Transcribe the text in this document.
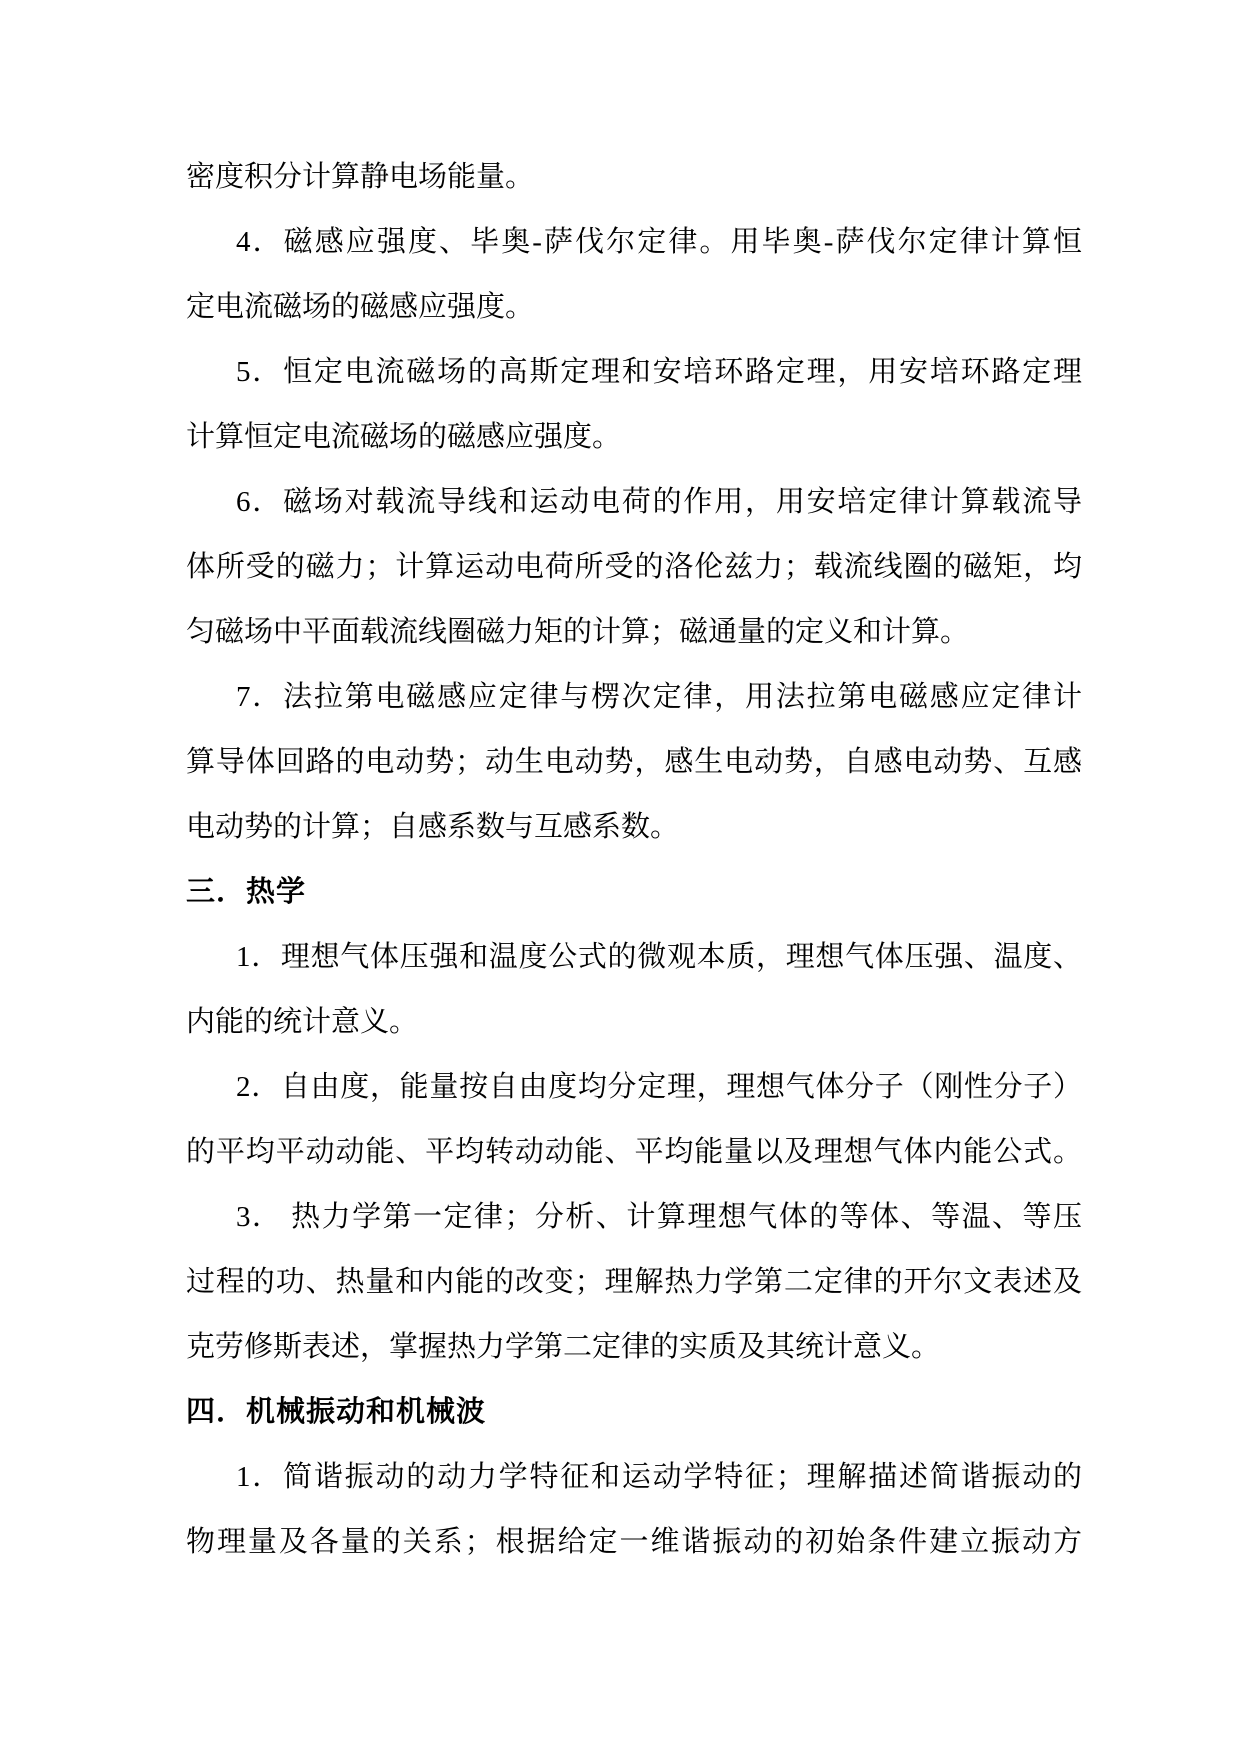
密度积分计算静电场能量。
4．磁感应强度、毕奥-萨伐尔定律。用毕奥-萨伐尔定律计算恒
定电流磁场的磁感应强度。
5．恒定电流磁场的高斯定理和安培环路定理，用安培环路定理
计算恒定电流磁场的磁感应强度。
6．磁场对载流导线和运动电荷的作用，用安培定律计算载流导
体所受的磁力；计算运动电荷所受的洛伦兹力；载流线圈的磁矩，均
匀磁场中平面载流线圈磁力矩的计算；磁通量的定义和计算。
7．法拉第电磁感应定律与楞次定律，用法拉第电磁感应定律计
算导体回路的电动势；动生电动势，感生电动势，自感电动势、互感
电动势的计算；自感系数与互感系数。
三．热学
1．理想气体压强和温度公式的微观本质，理想气体压强、温度、
内能的统计意义。
2．自由度，能量按自由度均分定理，理想气体分子（刚性分子）
的平均平动动能、平均转动动能、平均能量以及理想气体内能公式。
3． 热力学第一定律；分析、计算理想气体的等体、等温、等压
过程的功、热量和内能的改变；理解热力学第二定律的开尔文表述及
克劳修斯表述，掌握热力学第二定律的实质及其统计意义。
四．机械振动和机械波
1．简谐振动的动力学特征和运动学特征；理解描述简谐振动的
物理量及各量的关系；根据给定一维谐振动的初始条件建立振动方
